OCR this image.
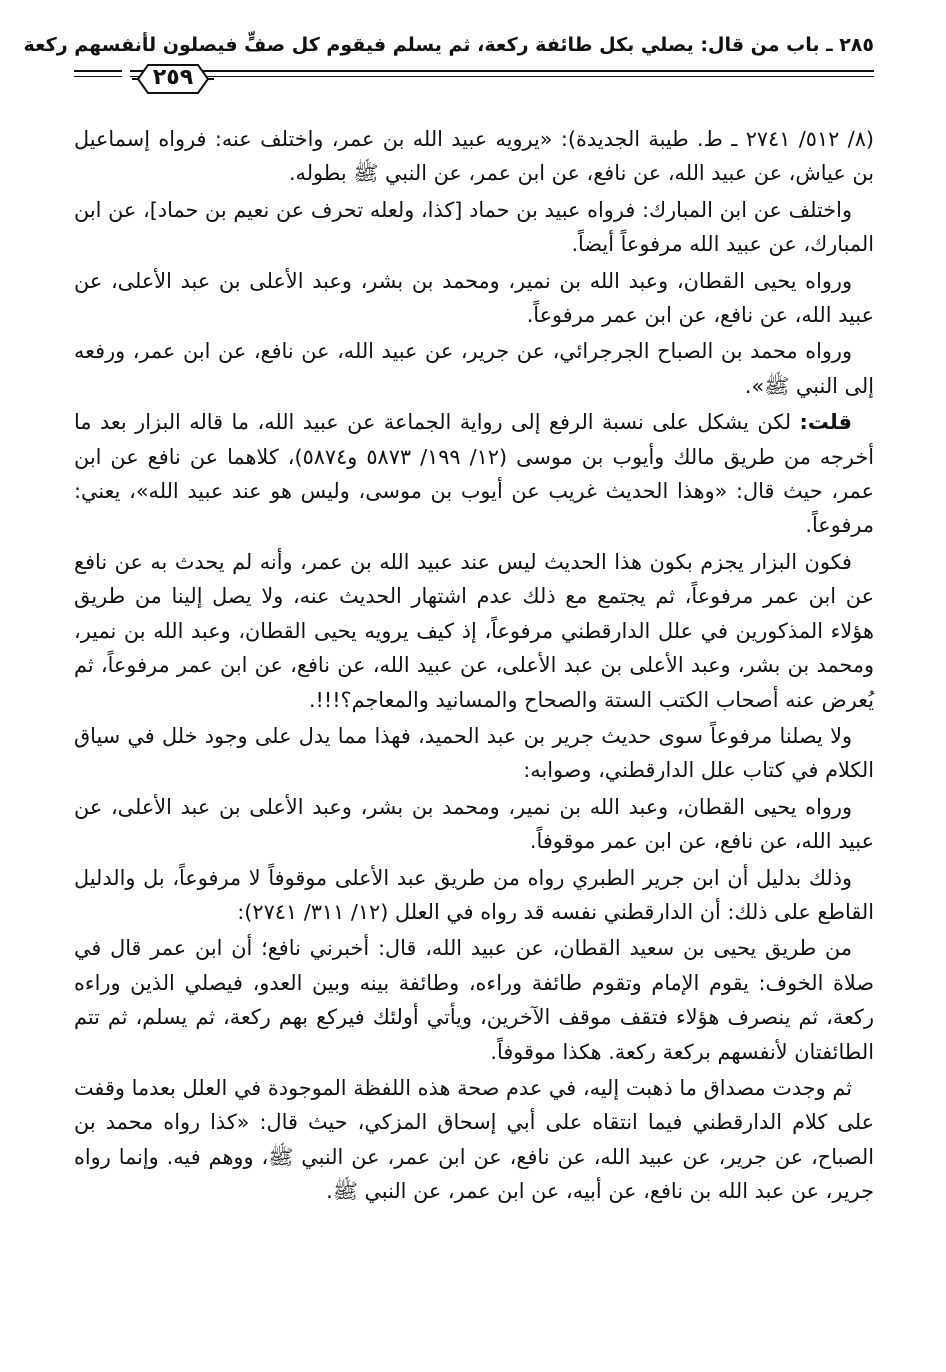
٢٨٥ ـ باب من قال: يصلي بكل طائفة ركعة، ثم يسلم فيقوم كل صفٍّ فيصلون لأنفسهم ركعة
٢٥٩

(٨/ ٥١٢/ ٢٧٤١ ـ ط. طيبة الجديدة): «يرويه عبيد الله بن عمر، واختلف عنه: فرواه إسماعيل بن عياش، عن عبيد الله، عن نافع، عن ابن عمر، عن النبي ﷺ بطوله.

واختلف عن ابن المبارك: فرواه عبيد بن حماد [كذا، ولعله تحرف عن نعيم بن حماد]، عن ابن المبارك، عن عبيد الله مرفوعاً أيضاً.

ورواه يحيى القطان، وعبد الله بن نمير، ومحمد بن بشر، وعبد الأعلى بن عبد الأعلى، عن عبيد الله، عن نافع، عن ابن عمر مرفوعاً.

ورواه محمد بن الصباح الجرجرائي، عن جرير، عن عبيد الله، عن نافع، عن ابن عمر، ورفعه إلى النبي ﷺ».

قلت: لكن يشكل على نسبة الرفع إلى رواية الجماعة عن عبيد الله، ما قاله البزار بعد ما أخرجه من طريق مالك وأيوب بن موسى (١٢/ ١٩٩/ ٥٨٧٣ و٥٨٧٤)، كلاهما عن نافع عن ابن عمر، حيث قال: «وهذا الحديث غريب عن أيوب بن موسى، وليس هو عند عبيد الله»، يعني: مرفوعاً.

فكون البزار يجزم بكون هذا الحديث ليس عند عبيد الله بن عمر، وأنه لم يحدث به عن نافع عن ابن عمر مرفوعاً، ثم يجتمع مع ذلك عدم اشتهار الحديث عنه، ولا يصل إلينا من طريق هؤلاء المذكورين في علل الدارقطني مرفوعاً، إذ كيف يرويه يحيى القطان، وعبد الله بن نمير، ومحمد بن بشر، وعبد الأعلى بن عبد الأعلى، عن عبيد الله، عن نافع، عن ابن عمر مرفوعاً، ثم يُعرض عنه أصحاب الكتب الستة والصحاح والمسانيد والمعاجم؟!!!.

ولا يصلنا مرفوعاً سوى حديث جرير بن عبد الحميد، فهذا مما يدل على وجود خلل في سياق الكلام في كتاب علل الدارقطني، وصوابه:

ورواه يحيى القطان، وعبد الله بن نمير، ومحمد بن بشر، وعبد الأعلى بن عبد الأعلى، عن عبيد الله، عن نافع، عن ابن عمر موقوفاً.

وذلك بدليل أن ابن جرير الطبري رواه من طريق عبد الأعلى موقوفاً لا مرفوعاً، بل والدليل القاطع على ذلك: أن الدارقطني نفسه قد رواه في العلل (١٢/ ٣١١/ ٢٧٤١):

من طريق يحيى بن سعيد القطان، عن عبيد الله، قال: أخبرني نافع؛ أن ابن عمر قال في صلاة الخوف: يقوم الإمام وتقوم طائفة وراءه، وطائفة بينه وبين العدو، فيصلي الذين وراءه ركعة، ثم ينصرف هؤلاء فتقف موقف الآخرين، ويأتي أولئك فيركع بهم ركعة، ثم يسلم، ثم تتم الطائفتان لأنفسهم بركعة ركعة. هكذا موقوفاً.

ثم وجدت مصداق ما ذهبت إليه، في عدم صحة هذه اللفظة الموجودة في العلل بعدما وقفت على كلام الدارقطني فيما انتقاه على أبي إسحاق المزكي، حيث قال: «كذا رواه محمد بن الصباح، عن جرير، عن عبيد الله، عن نافع، عن ابن عمر، عن النبي ﷺ، ووهم فيه. وإنما رواه جرير، عن عبد الله بن نافع، عن أبيه، عن ابن عمر، عن النبي ﷺ.
